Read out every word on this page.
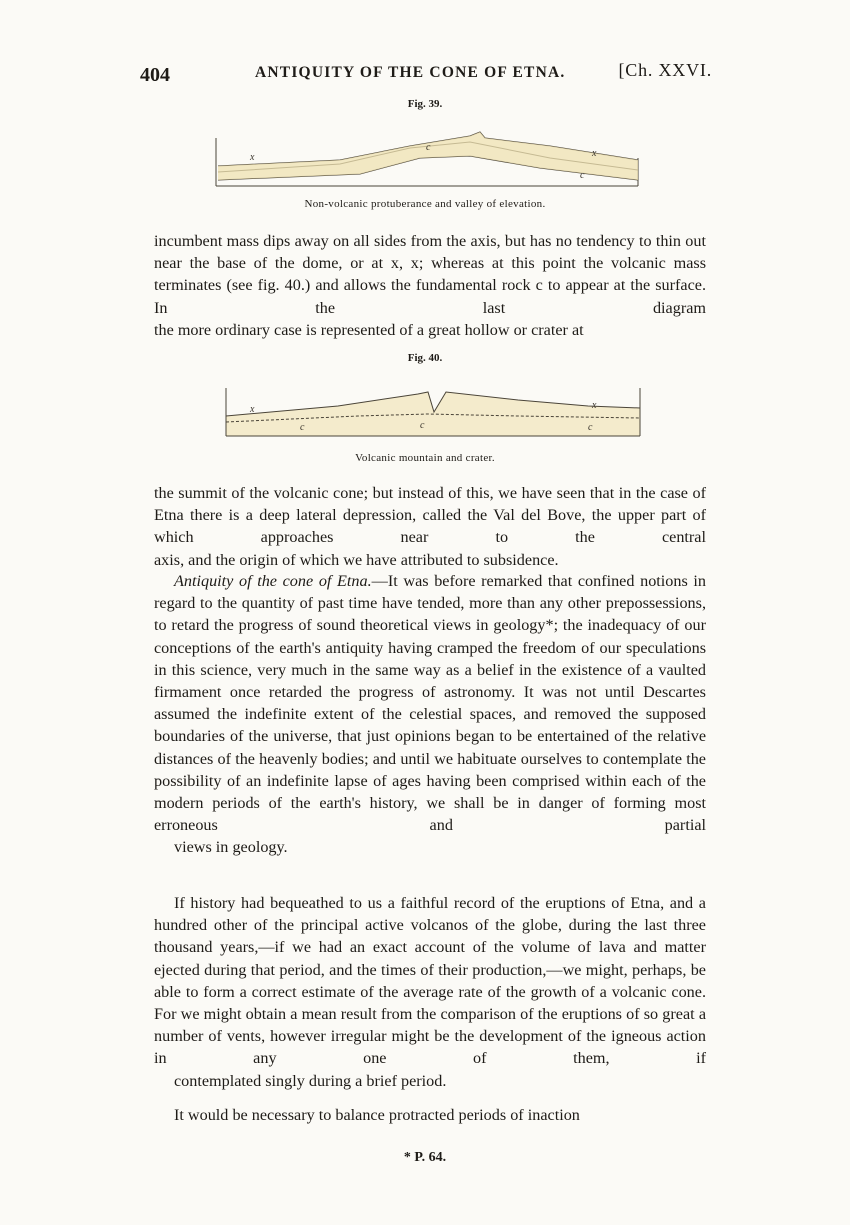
404	ANTIQUITY OF THE CONE OF ETNA.	[Ch. XXVI.
Fig. 39.
x
c
x
c
Non-volcanic protuberance and valley of elevation.

incumbent mass dips away on all sides from the axis, but has no tendency to thin out near the base of the dome, or at x, x; whereas at this point the volcanic mass terminates (see fig. 40.) and allows the fundamental rock c to appear at the surface. In the last diagram
the more ordinary case is represented of a great hollow or crater at

Fig. 40.
x
c	c
x
c
Volcanic mountain and crater.

the summit of the volcanic cone; but instead of this, we have seen that in the case of Etna there is a deep lateral depression, called the Val del Bove, the upper part of which approaches near to the central
axis, and the origin of which we have attributed to subsidence.

Antiquity of the cone of Etna.—It was before remarked that confined notions in regard to the quantity of past time have tended, more than any other prepossessions, to retard the progress of sound theoretical views in geology*; the inadequacy of our conceptions of the earth's antiquity having cramped the freedom of our speculations in this science, very much in the same way as a belief in the existence of a vaulted firmament once retarded the progress of astronomy. It was not until Descartes assumed the indefinite extent of the celestial spaces, and removed the supposed boundaries of the universe, that just opinions began to be entertained of the relative distances of the heavenly bodies; and until we habituate ourselves to contemplate the possibility of an indefinite lapse of ages having been comprised within each of the modern periods of the earth's history, we shall be in danger of forming most erroneous and partial
views in geology.

If history had bequeathed to us a faithful record of the eruptions of Etna, and a hundred other of the principal active volcanos of the globe, during the last three thousand years,—if we had an exact account of the volume of lava and matter ejected during that period, and the times of their production,—we might, perhaps, be able to form a correct estimate of the average rate of the growth of a volcanic cone. For we might obtain a mean result from the comparison of the eruptions of so great a number of vents, however irregular might be the development of the igneous action in any one of them, if
contemplated singly during a brief period.

It would be necessary to balance protracted periods of inaction

* P. 64.
